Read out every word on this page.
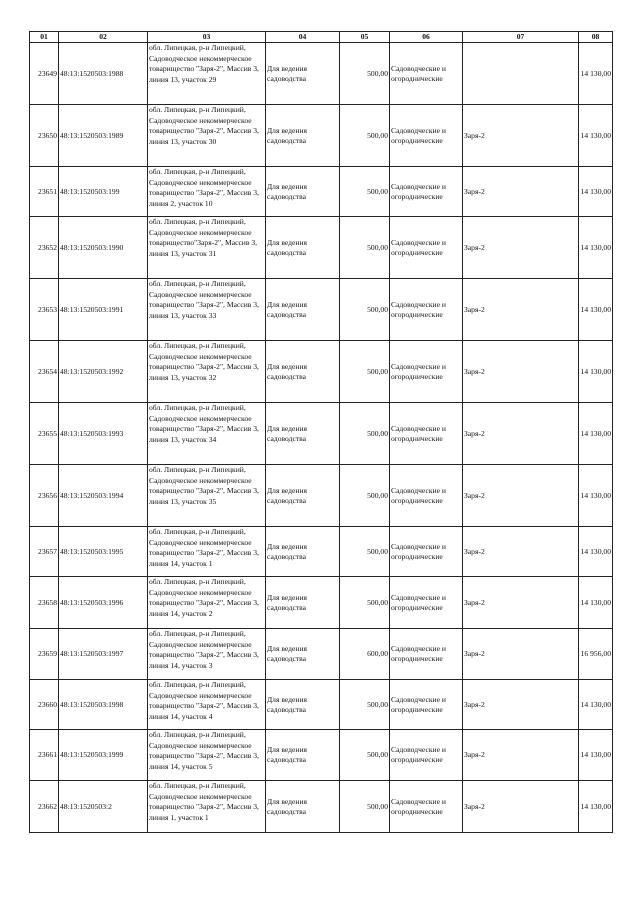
01	02	03	04	05	06	07	08
23649	48:13:1520503:1988	обл. Липецкая, р-н Липецкий, Садоводческое некоммерческое товарищество "Заря-2", Массив 3, линия 13, участок 29	Для ведения садоводства	500,00	Садоводческие и огороднические		14 130,00
23650	48:13:1520503:1989	обл. Липецкая, р-н Липецкий, Садоводческое некоммерческое товарищество "Заря-2", Массив 3, линия 13, участок 30	Для ведения садоводства	500,00	Садоводческие и огороднические	Заря-2	14 130,00
23651	48:13:1520503:199	обл. Липецкая, р-н Липецкий, Садоводческое некоммерческое товарищество "Заря-2", Массив 3, линия 2, участок 10	Для ведения садоводства	500,00	Садоводческие и огороднические	Заря-2	14 130,00
23652	48:13:1520503:1990	обл. Липецкая, р-н Липецкий, Садоводческое некоммерческое товарищество"Заря-2", Массив 3, линия 13, участок 31	Для ведения садоводства	500,00	Садоводческие и огороднические	Заря-2	14 130,00
23653	48:13:1520503:1991	обл. Липецкая, р-н Липецкий, Садоводческое некоммерческое товарищество "Заря-2", Массив 3, линия 13, участок 33	Для ведения садоводства	500,00	Садоводческие и огороднические	Заря-2	14 130,00
23654	48:13:1520503:1992	обл. Липецкая, р-н Липецкий, Садоводческое некоммерческое товарищество "Заря-2", Массив 3, линия 13, участок 32	Для ведения садоводства	500,00	Садоводческие и огороднические	Заря-2	14 130,00
23655	48:13:1520503:1993	обл. Липецкая, р-н Липецкий, Садоводческое некоммерческое товарищество "Заря-2", Массив 3, линия 13, участок 34	Для ведения садоводства	500,00	Садоводческие и огороднические	Заря-2	14 130,00
23656	48:13:1520503:1994	обл. Липецкая, р-н Липецкий, Садоводческое некоммерческое товарищество "Заря-2", Массив 3, линия 13, участок 35	Для ведения садоводства	500,00	Садоводческие и огороднические	Заря-2	14 130,00
23657	48:13:1520503:1995	обл. Липецкая, р-н Липецкий, Садоводческое некоммерческое товарищество "Заря-2", Массив 3, линия 14, участок 1	Для ведения садоводства	500,00	Садоводческие и огороднические	Заря-2	14 130,00
23658	48:13:1520503:1996	обл. Липецкая, р-н Липецкий, Садоводческое некоммерческое товарищество "Заря-2", Массив 3, линия 14, участок 2	Для ведения садоводства	500,00	Садоводческие и огороднические	Заря-2	14 130,00
23659	48:13:1520503:1997	обл. Липецкая, р-н Липецкий, Садоводческое некоммерческое товарищество "Заря-2", Массив 3, линия 14, участок 3	Для ведения садоводства	600,00	Садоводческие и огороднические	Заря-2	16 956,00
23660	48:13:1520503:1998	обл. Липецкая, р-н Липецкий, Садоводческое некоммерческое товарищество "Заря-2", Массив 3, линия 14, участок 4	Для ведения садоводства	500,00	Садоводческие и огороднические	Заря-2	14 130,00
23661	48:13:1520503:1999	обл. Липецкая, р-н Липецкий, Садоводческое некоммерческое товарищество "Заря-2", Массив 3, линия 14, участок 5	Для ведения садоводства	500,00	Садоводческие и огороднические	Заря-2	14 130,00
23662	48:13:1520503:2	обл. Липецкая, р-н Липецкий, Садоводческое некоммерческое товарищество "Заря-2", Массив 3, линия 1, участок 1	Для ведения садоводства	500,00	Садоводческие и огороднические	Заря-2	14 130,00
